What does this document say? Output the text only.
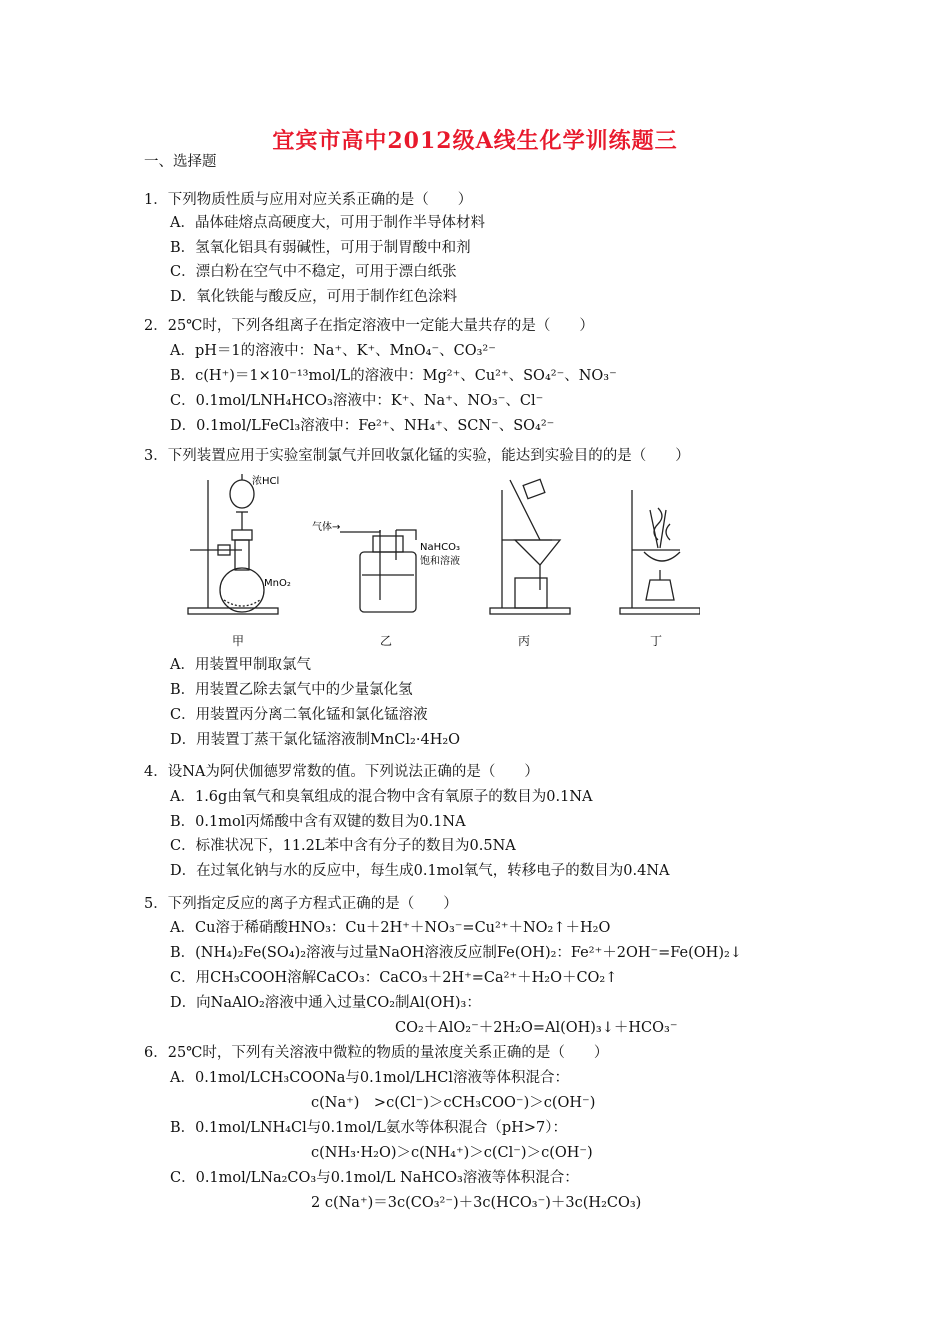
宜宾市高中2012级A线生化学训练题三
一、选择题
1．下列物质性质与应用对应关系正确的是（　　）
A．晶体硅熔点高硬度大，可用于制作半导体材料
B．氢氧化铝具有弱碱性，可用于制胃酸中和剂
C．漂白粉在空气中不稳定，可用于漂白纸张
D．氧化铁能与酸反应，可用于制作红色涂料
2．25℃时，下列各组离子在指定溶液中一定能大量共存的是（　　）
A．pH＝1的溶液中：Na⁺、K⁺、MnO₄⁻、CO₃²⁻
B．c(H⁺)＝1×10⁻¹³mol/L的溶液中：Mg²⁺、Cu²⁺、SO₄²⁻、NO₃⁻
C．0.1mol/LNH₄HCO₃溶液中：K⁺、Na⁺、NO₃⁻、Cl⁻
D．0.1mol/LFeCl₃溶液中：Fe²⁺、NH₄⁺、SCN⁻、SO₄²⁻
3．下列装置应用于实验室制氯气并回收氯化锰的实验，能达到实验目的的是（　　）
浓HCl
MnO₂
气体→
NaHCO₃
饱和溶液
甲	乙	丙	丁
A．用装置甲制取氯气
B．用装置乙除去氯气中的少量氯化氢
C．用装置丙分离二氧化锰和氯化锰溶液
D．用装置丁蒸干氯化锰溶液制MnCl₂·4H₂O
4．设NA为阿伏伽德罗常数的值。下列说法正确的是（　　）
A．1.6g由氧气和臭氧组成的混合物中含有氧原子的数目为0.1NA
B．0.1mol丙烯酸中含有双键的数目为0.1NA
C．标准状况下，11.2L苯中含有分子的数目为0.5NA
D．在过氧化钠与水的反应中，每生成0.1mol氧气，转移电子的数目为0.4NA
5．下列指定反应的离子方程式正确的是（　　）
A．Cu溶于稀硝酸HNO₃：Cu＋2H⁺＋NO₃⁻=Cu²⁺＋NO₂↑＋H₂O
B．(NH₄)₂Fe(SO₄)₂溶液与过量NaOH溶液反应制Fe(OH)₂：Fe²⁺＋2OH⁻=Fe(OH)₂↓
C．用CH₃COOH溶解CaCO₃：CaCO₃＋2H⁺=Ca²⁺＋H₂O＋CO₂↑
D．向NaAlO₂溶液中通入过量CO₂制Al(OH)₃：
CO₂＋AlO₂⁻＋2H₂O=Al(OH)₃↓＋HCO₃⁻
6．25℃时，下列有关溶液中微粒的物质的量浓度关系正确的是（　　）
A．0.1mol/LCH₃COONa与0.1mol/LHCl溶液等体积混合：
c(Na⁺)　>c(Cl⁻)＞cCH₃COO⁻)＞c(OH⁻)
B．0.1mol/LNH₄Cl与0.1mol/L氨水等体积混合（pH>7）：
c(NH₃·H₂O)＞c(NH₄⁺)＞c(Cl⁻)＞c(OH⁻)
C．0.1mol/LNa₂CO₃与0.1mol/L NaHCO₃溶液等体积混合：
2 c(Na⁺)＝3c(CO₃²⁻)＋3c(HCO₃⁻)＋3c(H₂CO₃)
